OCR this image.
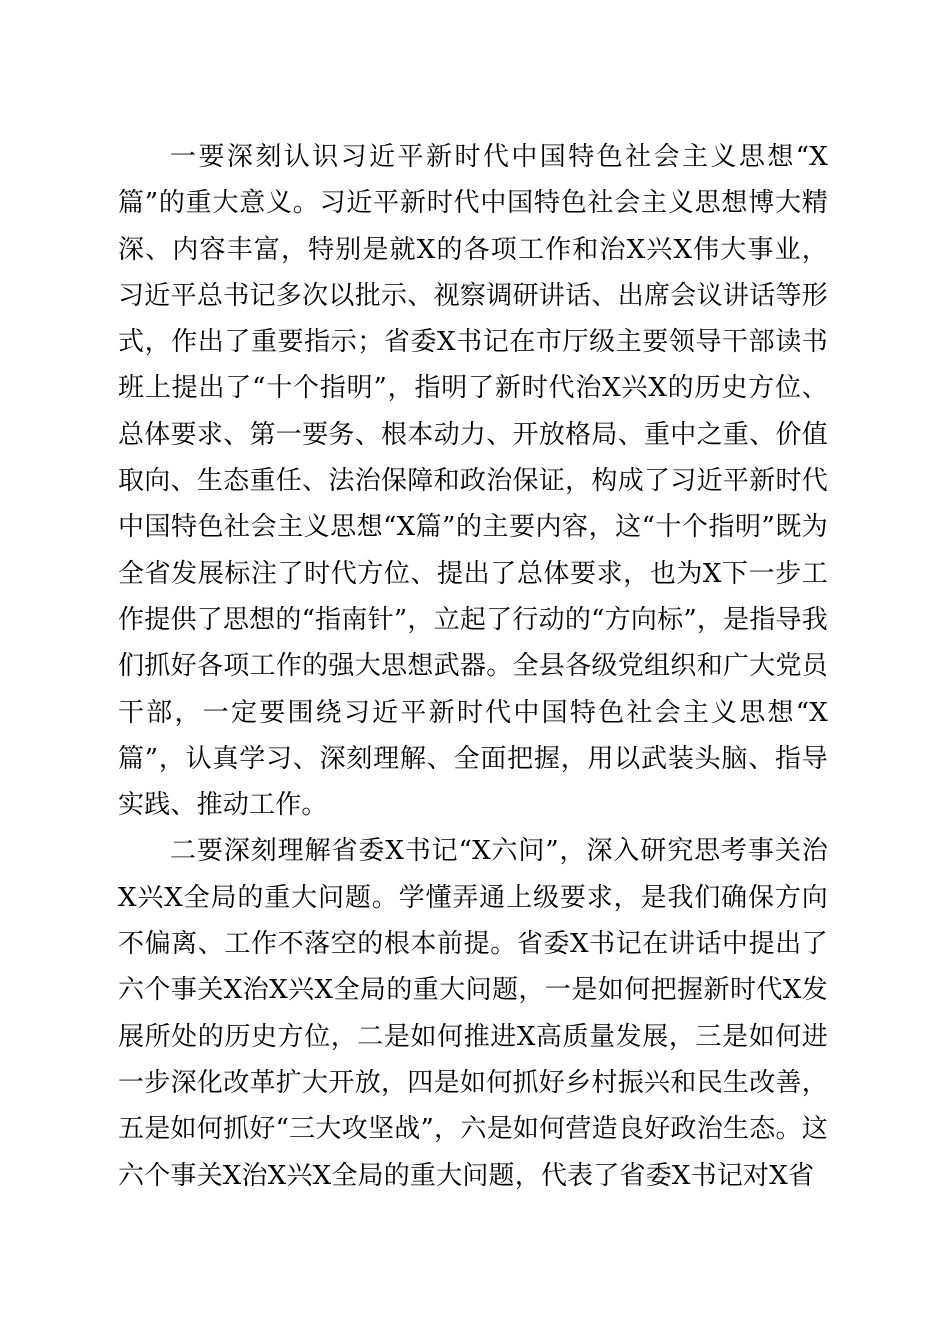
一要深刻认识习近平新时代中国特色社会主义思想“X篇”的重大意义。习近平新时代中国特色社会主义思想博大精深、内容丰富，特别是就X的各项工作和治X兴X伟大事业，习近平总书记多次以批示、视察调研讲话、出席会议讲话等形式，作出了重要指示；省委X书记在市厅级主要领导干部读书班上提出了“十个指明”，指明了新时代治X兴X的历史方位、总体要求、第一要务、根本动力、开放格局、重中之重、价值取向、生态重任、法治保障和政治保证，构成了习近平新时代中国特色社会主义思想“X篇”的主要内容，这“十个指明”既为全省发展标注了时代方位、提出了总体要求，也为X下一步工作提供了思想的“指南针”，立起了行动的“方向标”，是指导我们抓好各项工作的强大思想武器。全县各级党组织和广大党员干部，一定要围绕习近平新时代中国特色社会主义思想“X篇”，认真学习、深刻理解、全面把握，用以武装头脑、指导实践、推动工作。

二要深刻理解省委X书记“X六问”，深入研究思考事关治X兴X全局的重大问题。学懂弄通上级要求，是我们确保方向不偏离、工作不落空的根本前提。省委X书记在讲话中提出了六个事关X治X兴X全局的重大问题，一是如何把握新时代X发展所处的历史方位，二是如何推进X高质量发展，三是如何进一步深化改革扩大开放，四是如何抓好乡村振兴和民生改善，五是如何抓好“三大攻坚战”，六是如何营造良好政治生态。这六个事关X治X兴X全局的重大问题，代表了省委X书记对X省
